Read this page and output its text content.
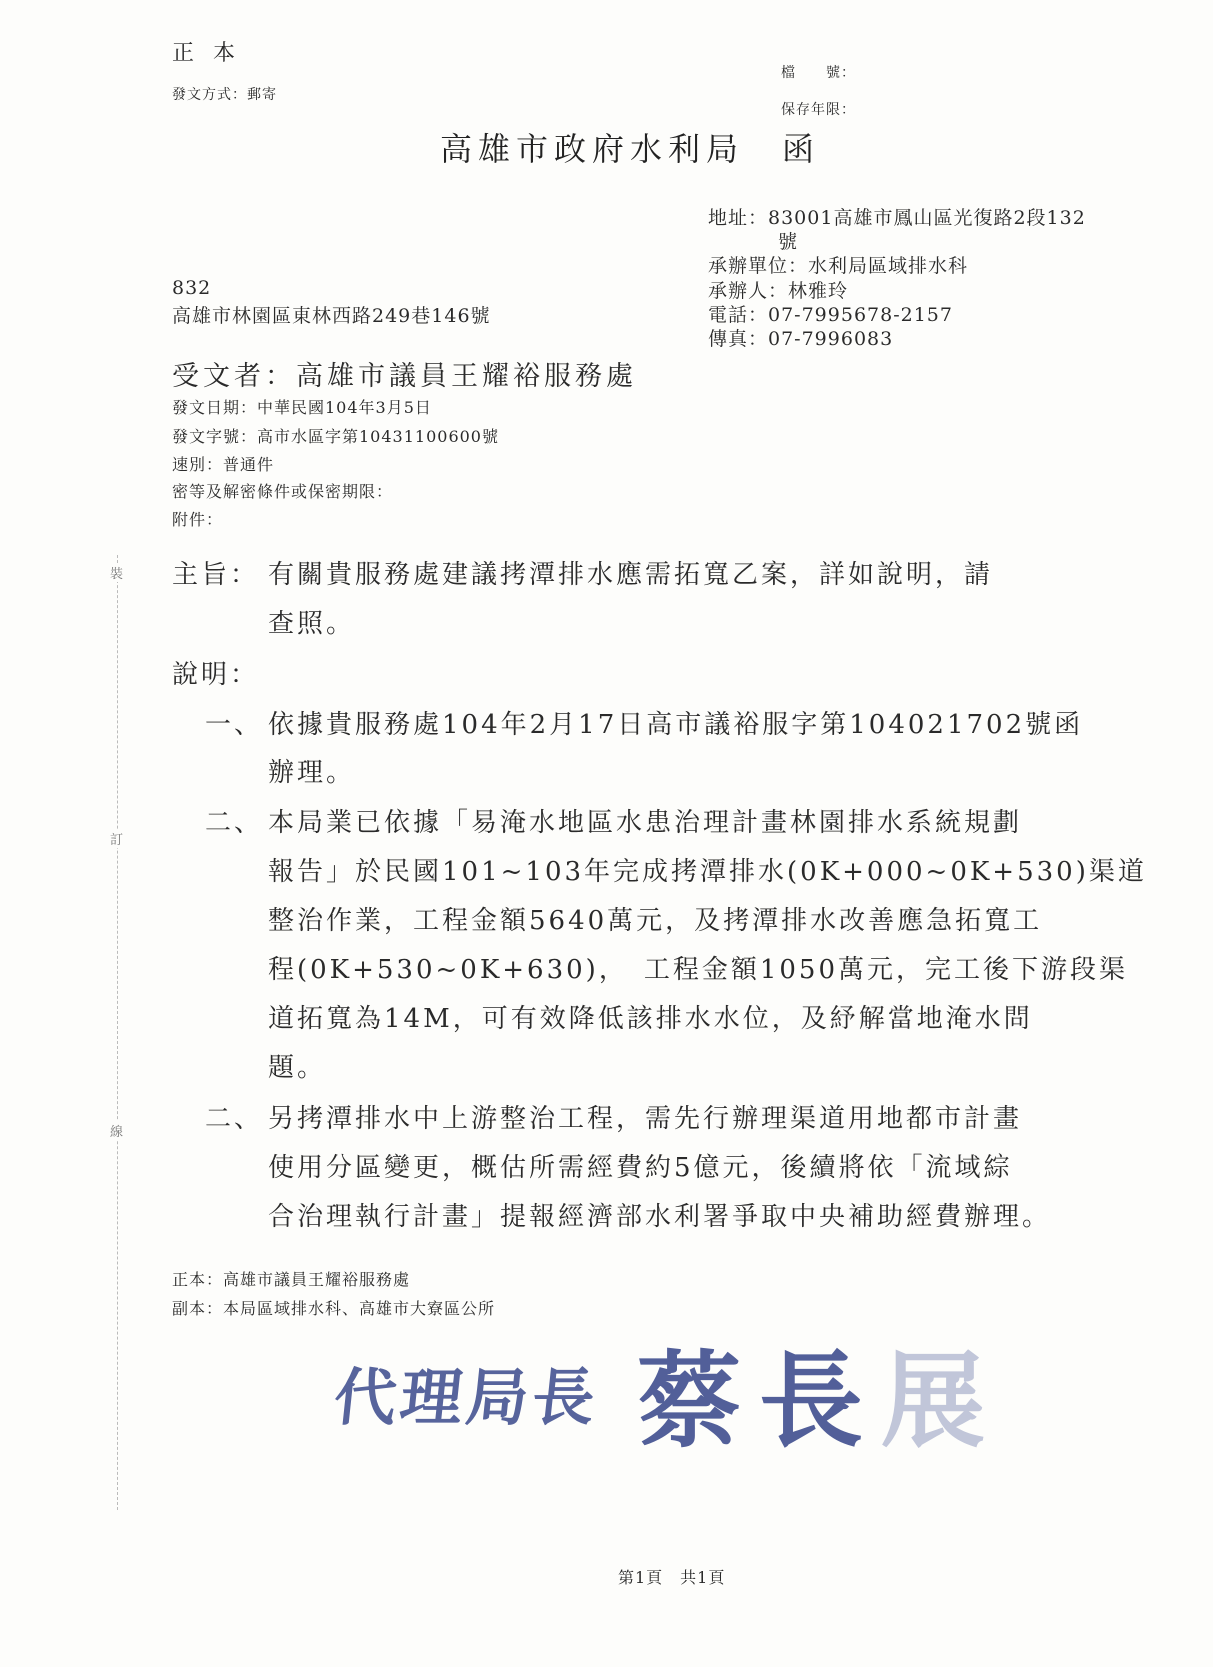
正 本
發文方式：郵寄
檔　　號：
保存年限：
高雄市政府水利局　函
地址：83001高雄市鳳山區光復路2段132
號
承辦單位：水利局區域排水科
承辦人：林雅玲
電話：07-7995678-2157
傳真：07-7996083
832
高雄市林園區東林西路249巷146號
受文者：高雄市議員王耀裕服務處
發文日期：中華民國104年3月5日
發文字號：高市水區字第10431100600號
速別：普通件
密等及解密條件或保密期限：
附件：
裝
訂
線
主旨： 有關貴服務處建議拷潭排水應需拓寬乙案，詳如說明，請
查照。
說明：
一、 依據貴服務處104年2月17日高市議裕服字第104021702號函
辦理。
二、 本局業已依據「易淹水地區水患治理計畫林園排水系統規劃
報告」於民國101~103年完成拷潭排水(0K+000~0K+530)渠道
整治作業，工程金額5640萬元，及拷潭排水改善應急拓寬工
程(0K+530~0K+630)，　工程金額1050萬元，完工後下游段渠
道拓寬為14M，可有效降低該排水水位，及紓解當地淹水問
題。
二、 另拷潭排水中上游整治工程，需先行辦理渠道用地都市計畫
使用分區變更，概估所需經費約5億元，後續將依「流域綜
合治理執行計畫」提報經濟部水利署爭取中央補助經費辦理。
正本：高雄市議員王耀裕服務處
副本：本局區域排水科、高雄市大寮區公所
代理局長 蔡長展
第1頁　共1頁
